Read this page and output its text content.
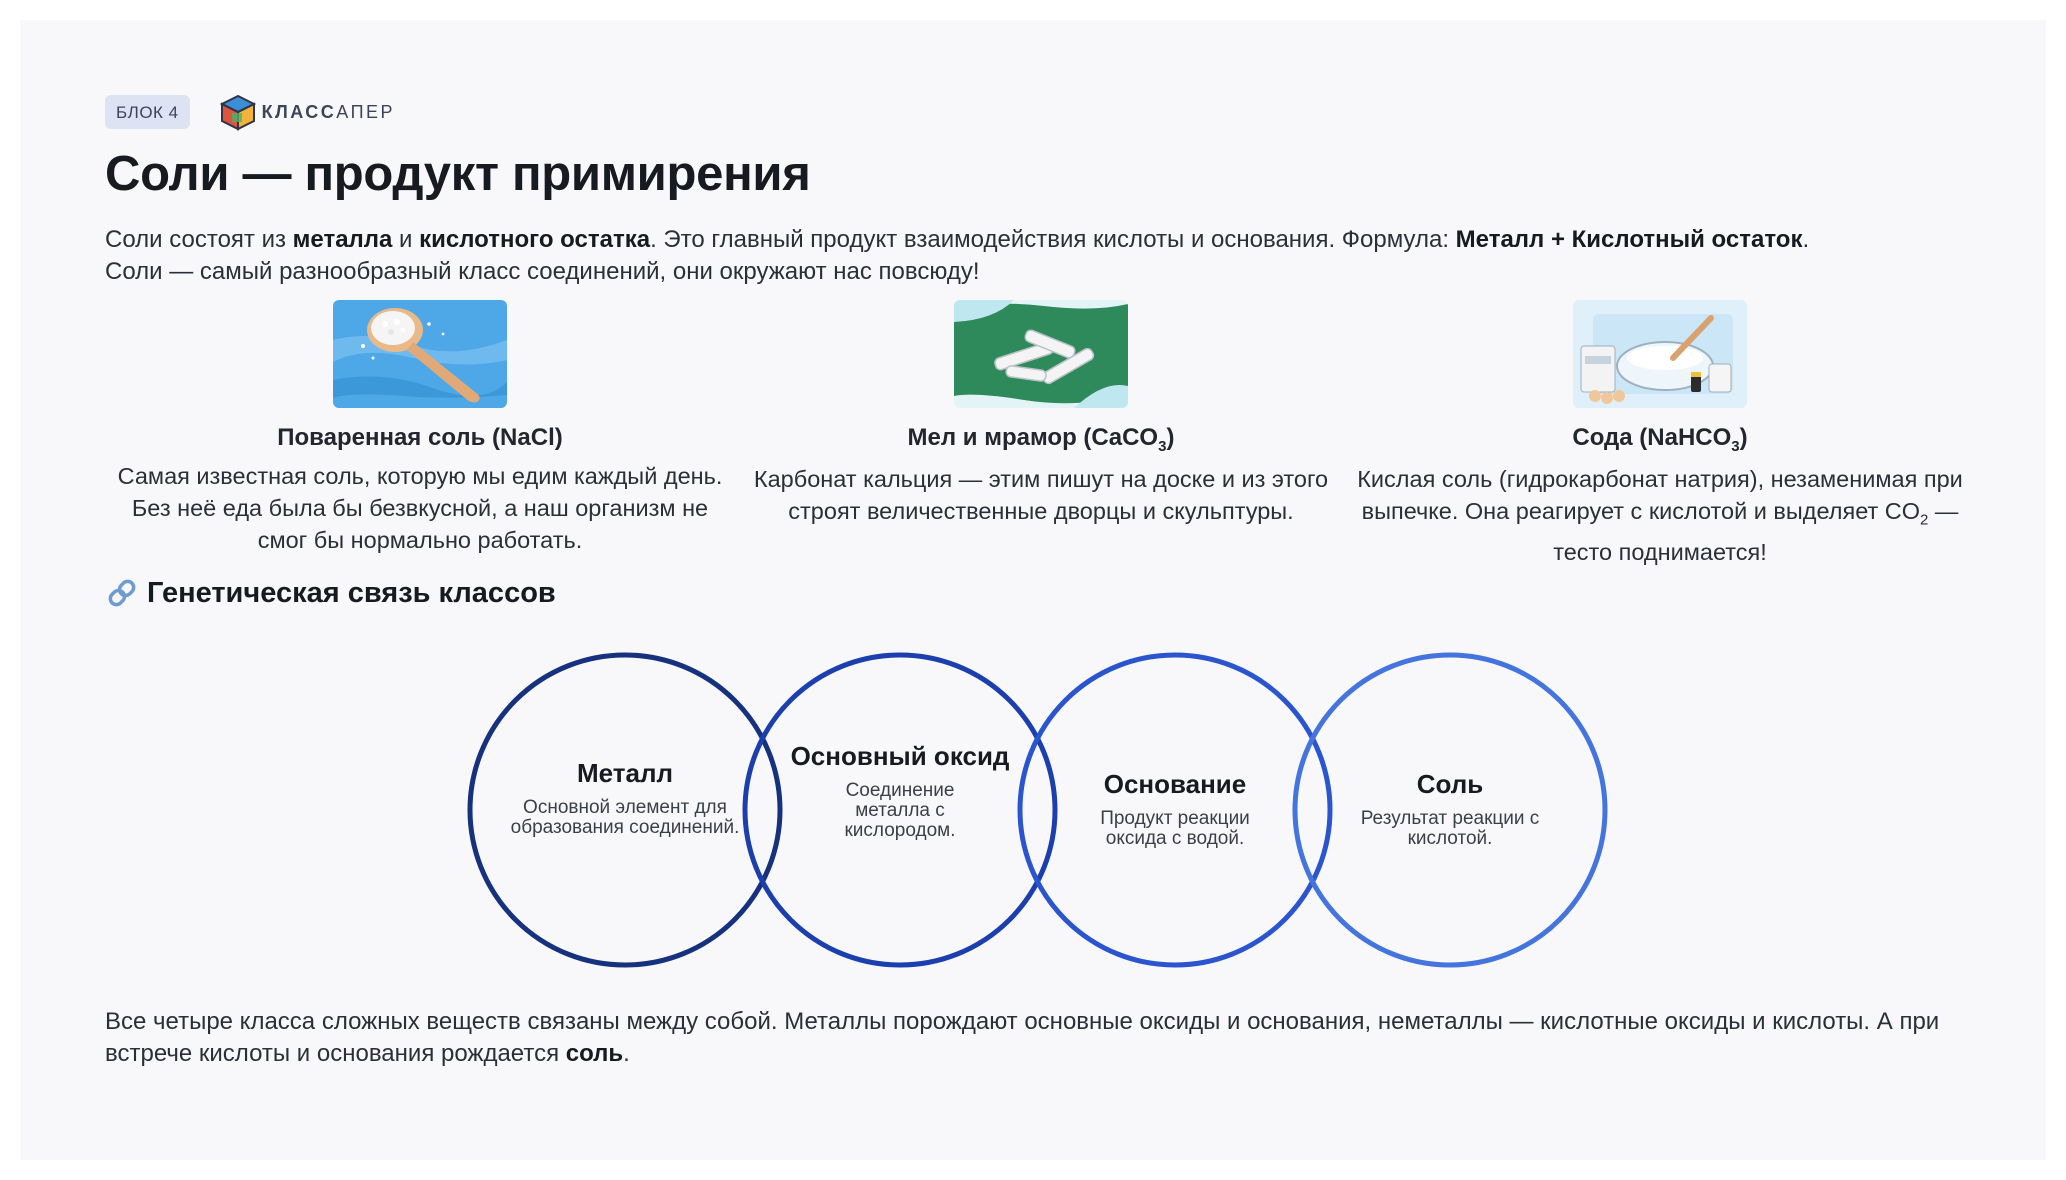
БЛОК 4	КЛАССАПЕР
Соли — продукт примирения
Соли состоят из металла и кислотного остатка. Это главный продукт взаимодействия кислоты и основания. Формула: Металл + Кислотный остаток.
Соли — самый разнообразный класс соединений, они окружают нас повсюду!
Поваренная соль (NaCl)
Самая известная соль, которую мы едим каждый день. Без неё еда была бы безвкусной, а наш организм не смог бы нормально работать.
Мел и мрамор (CaCO$_3$)
Карбонат кальция — этим пишут на доске и из этого строят величественные дворцы и скульптуры.
Сода (NaHCO$_3$)
Кислая соль (гидрокарбонат натрия), незаменимая при выпечке. Она реагирует с кислотой и выделяет $CO_2$ — тесто поднимается!
Генетическая связь классов
Металл
Основной элемент для образования соединений.
Основный оксид
Соединение металла с кислородом.
Основание
Продукт реакции оксида с водой.
Соль
Результат реакции с кислотой.
Все четыре класса сложных веществ связаны между собой. Металлы порождают основные оксиды и основания, неметаллы — кислотные оксиды и кислоты. А при встрече кислоты и основания рождается соль.
